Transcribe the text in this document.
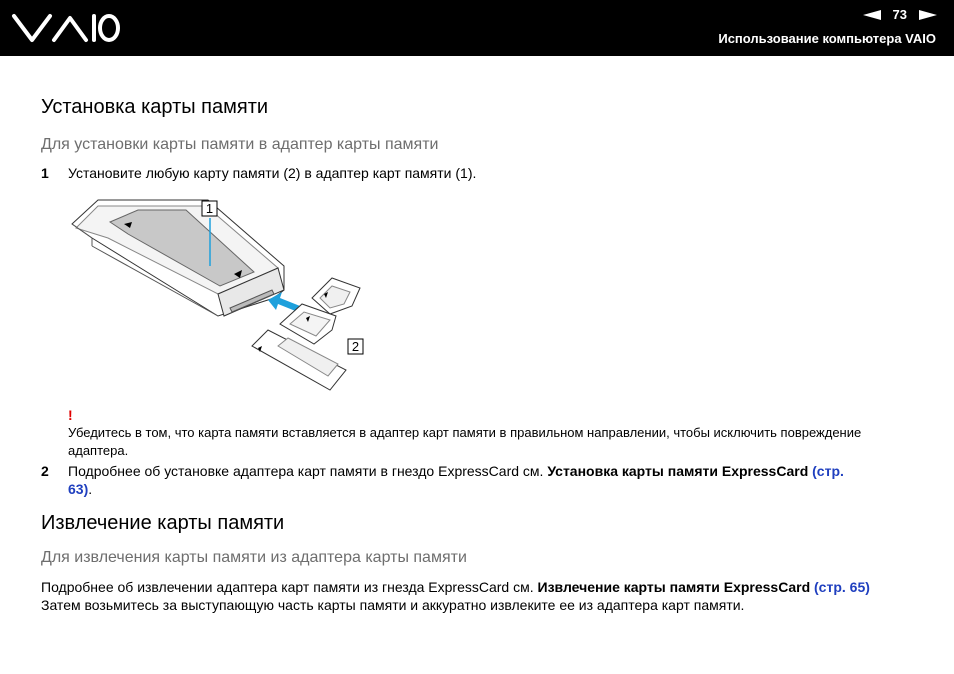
73
Использование компьютера VAIO
Установка карты памяти
Для установки карты памяти в адаптер карты памяти
1 Установите любую карту памяти (2) в адаптер карт памяти (1).
1
2
!
Убедитесь в том, что карта памяти вставляется в адаптер карт памяти в правильном направлении, чтобы исключить повреждение адаптера.
2 Подробнее об установке адаптера карт памяти в гнездо ExpressCard см. Установка карты памяти ExpressCard (стр. 63).
Извлечение карты памяти
Для извлечения карты памяти из адаптера карты памяти
Подробнее об извлечении адаптера карт памяти из гнезда ExpressCard см. Извлечение карты памяти ExpressCard (стр. 65) Затем возьмитесь за выступающую часть карты памяти и аккуратно извлеките ее из адаптера карт памяти.
